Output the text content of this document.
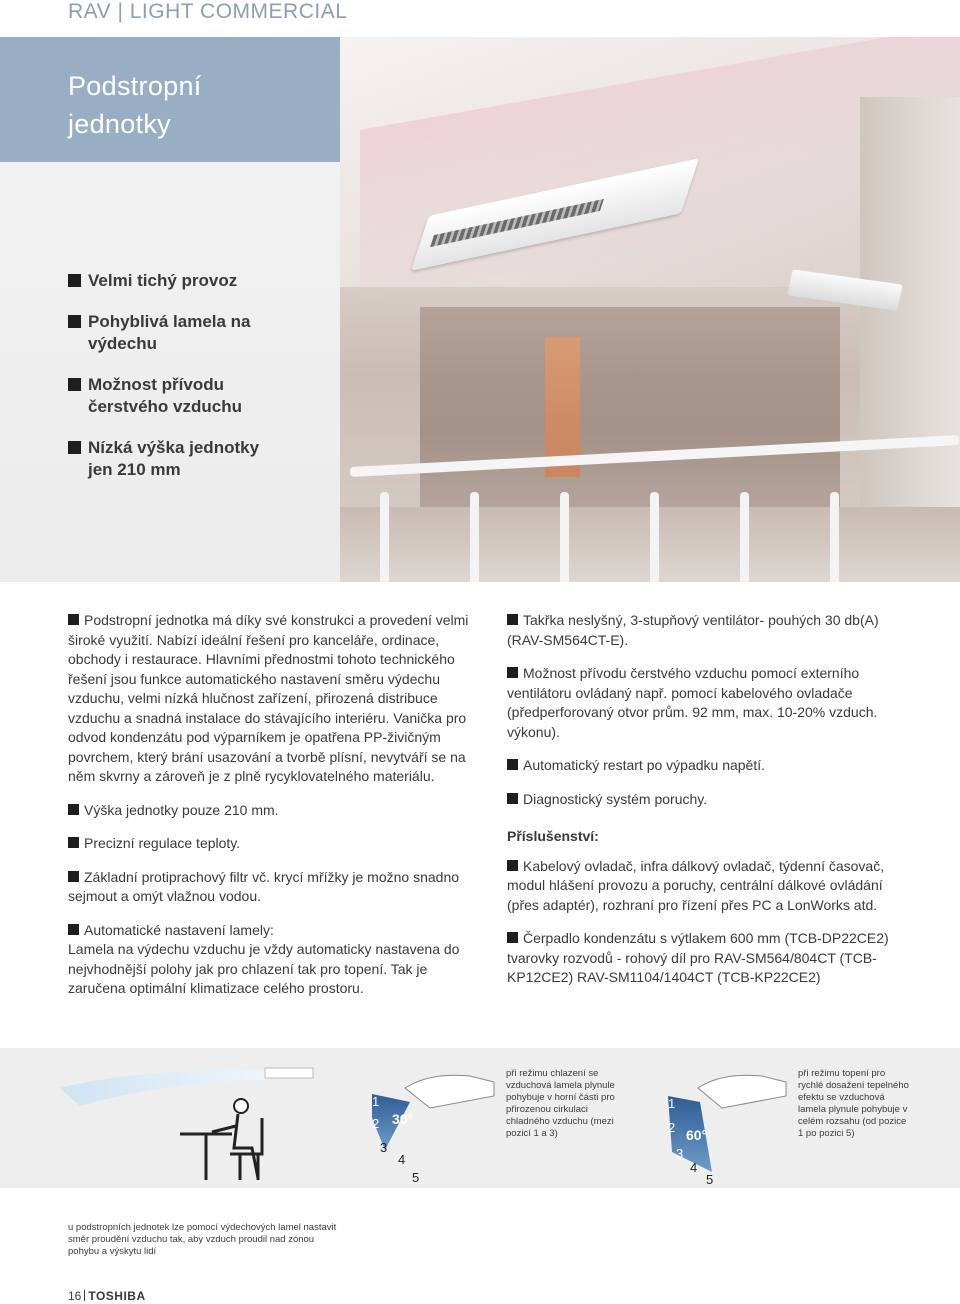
RAV | LIGHT COMMERCIAL
Podstropní
jednotky
Velmi tichý provoz
Pohyblivá lamela na
výdechu
Možnost přívodu
čerstvého vzduchu
Nízká výška jednotky
jen 210 mm

Podstropní jednotka má díky své konstrukci a provedení velmi široké využití. Nabízí ideální řešení pro kanceláře, ordinace, obchody i restaurace. Hlavními přednostmi tohoto technického řešení jsou funkce automatického nastavení směru výdechu vzduchu, velmi nízká hlučnost zařízení, přirozená distribuce vzduchu a snadná instalace do stávajícího interiéru. Vanička pro odvod kondenzátu pod výparníkem je opatřena PP-živičným povrchem, který brání usazování a tvorbě plísní, nevytváří se na něm skvrny a zároveň je z plně rycyklovatelného materiálu.

Výška jednotky pouze 210 mm.

Precizní regulace teploty.

Základní protiprachový filtr vč. krycí mřížky je možno snadno sejmout a omýt vlažnou vodou.

Automatické nastavení lamely:
Lamela na výdechu vzduchu je vždy automaticky nastavena do nejvhodnější polohy jak pro chlazení tak pro topení. Tak je zaručena optimální klimatizace celého prostoru.

Takřka neslyšný, 3-stupňový ventilátor- pouhých 30 db(A) (RAV-SM564CT-E).

Možnost přívodu čerstvého vzduchu pomocí externího ventilátoru ovládaný např. pomocí kabelového ovladače (předperforovaný otvor prům. 92 mm, max. 10-20% vzduch. výkonu).

Automatický restart po výpadku napětí.

Diagnostický systém poruchy.

Příslušenství:

Kabelový ovladač, infra dálkový ovladač, týdenní časovač, modul hlášení provozu a poruchy, centrální dálkové ovládání (přes adaptér), rozhraní pro řízení přes PC a LonWorks atd.

Čerpadlo kondenzátu s výtlakem 600 mm (TCB-DP22CE2) tvarovky rozvodů - rohový díl pro RAV-SM564/804CT (TCB-KP12CE2) RAV-SM1104/1404CT (TCB-KP22CE2)

30°
1
2
3
4
5
60°
1
2
3
4
5
při režimu chlazení se vzduchová lamela plynule pohybuje v horní části pro přirozenou cirkulaci chladného vzduchu (mezi pozicí 1 a 3)
při režimu topení pro rychlé dosažení tepelného efektu se vzduchová lamela plynule pohybuje v celém rozsahu (od pozice 1 po pozici 5)
u podstropních jednotek lze pomocí výdechových lamel nastavit směr proudění vzduchu tak, aby vzduch proudil nad zónou pohybu a výskytu lidí
16 TOSHIBA
